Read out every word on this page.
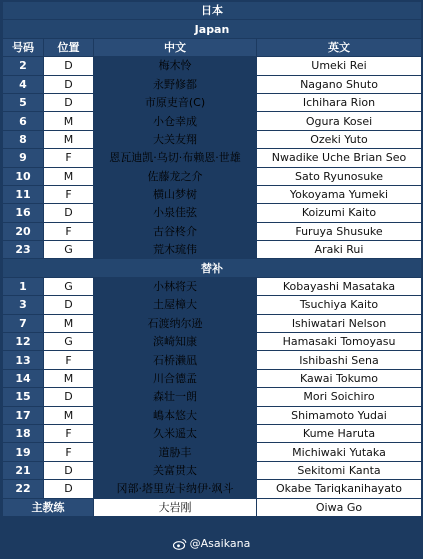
日本			
Japan			
号码	位置	中文	英文
2	D	梅木怜	Umeki Rei
4	D	永野修都	Nagano Shuto
5	D	市原吏音(C)	Ichihara Rion
6	M	小仓幸成	Ogura Kosei
8	M	大关友翔	Ozeki Yuto
9	F	恩瓦迪凯·乌切·布赖恩·世雄	Nwadike Uche Brian Seo
10	M	佐藤龙之介	Sato Ryunosuke
11	F	横山梦树	Yokoyama Yumeki
16	D	小泉佳弦	Koizumi Kaito
20	F	古谷柊介	Furuya Shusuke
23	G	荒木琉伟	Araki Rui
替补			
1	G	小林将天	Kobayashi Masataka
3	D	土屋樟大	Tsuchiya Kaito
7	M	石渡纳尔逊	Ishiwatari Nelson
12	G	滨崎知康	Hamasaki Tomoyasu
13	F	石桥濑凪	Ishibashi Sena
14	M	川合德孟	Kawai Tokumo
15	D	森壮一朗	Mori Soichiro
17	M	嶋本悠大	Shimamoto Yudai
18	F	久米遥太	Kume Haruta
19	F	道胁丰	Michiwaki Yutaka
21	D	关富贯太	Sekitomi Kanta
22	D	冈部·塔里克卡纳伊·飒斗	Okabe Tariqkanihayato
主教练		大岩刚	Oiwa Go
@Asaikana
